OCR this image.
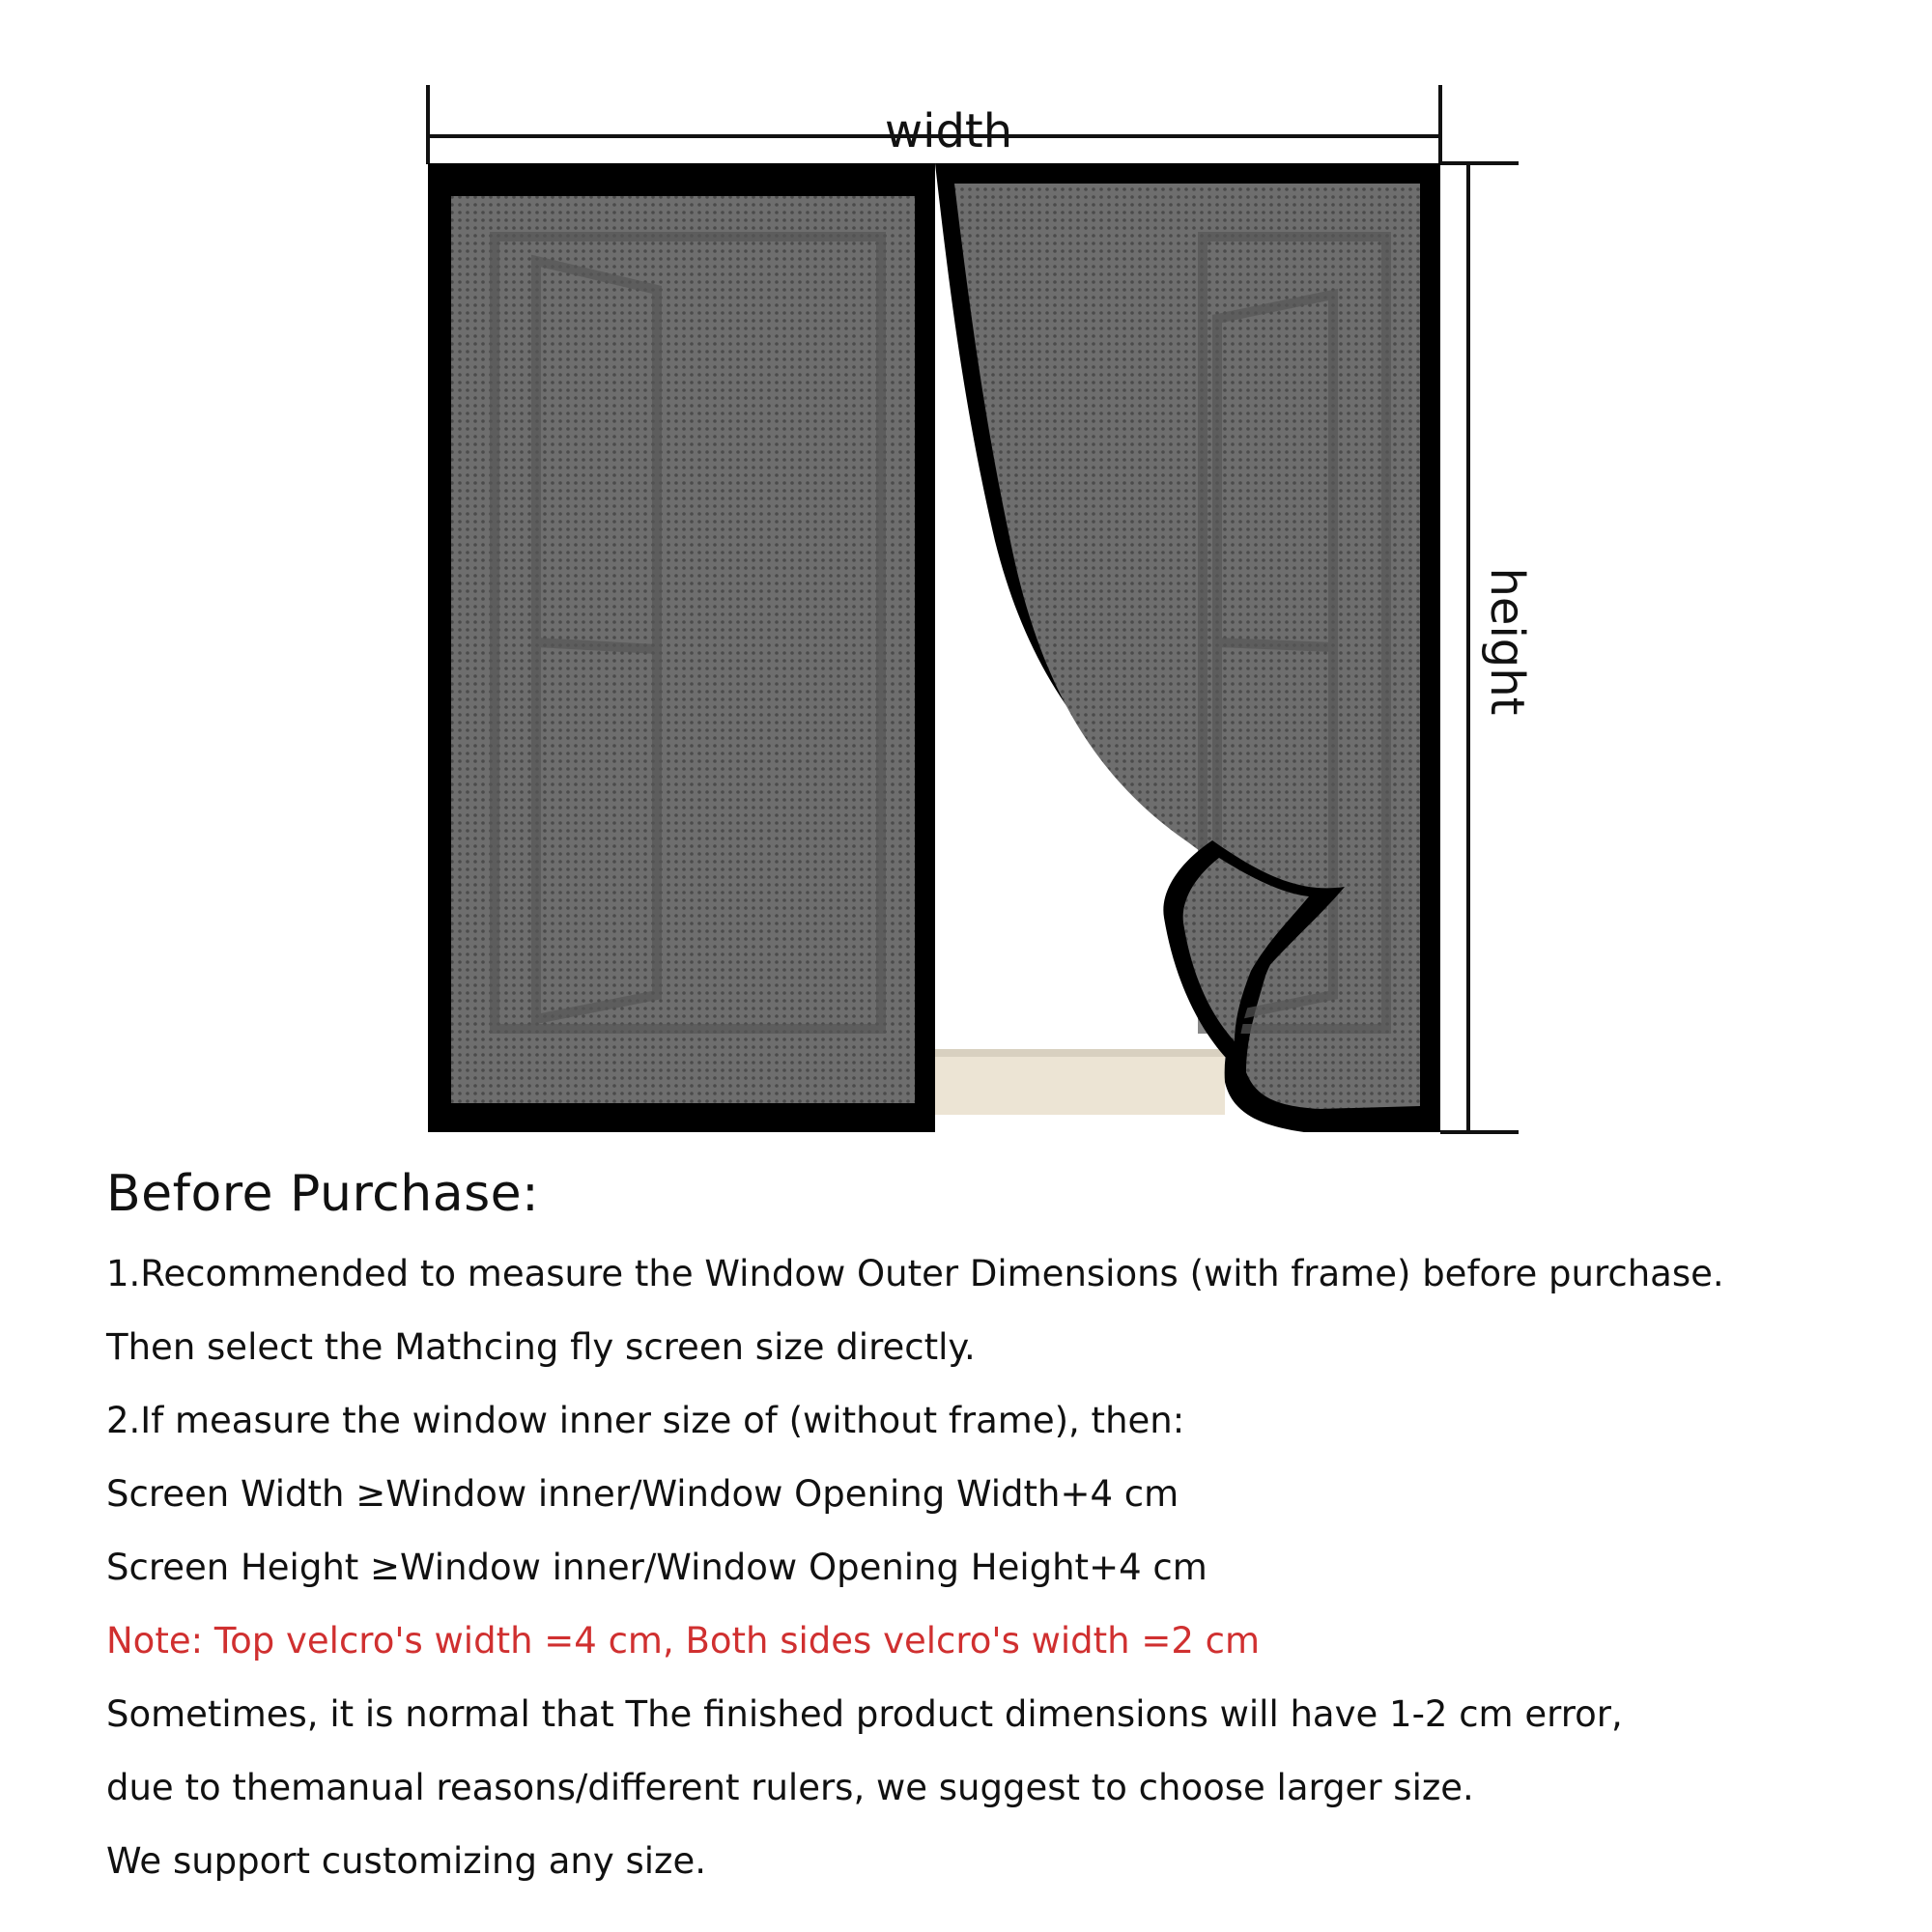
width
height
Before Purchase:

1.Recommended to measure the Window Outer Dimensions (with frame) before purchase.

Then select the Mathcing fly screen size directly.

2.If measure the window inner size of (without frame), then:

Screen Width ≥Window inner/Window Opening Width+4 cm

Screen Height ≥Window inner/Window Opening Height+4 cm

Note: Top velcro's width =4 cm, Both sides velcro's width =2 cm

Sometimes, it is normal that The finished product dimensions will have 1-2 cm error,

due to themanual reasons/different rulers, we suggest to choose larger size.

We support customizing any size.
